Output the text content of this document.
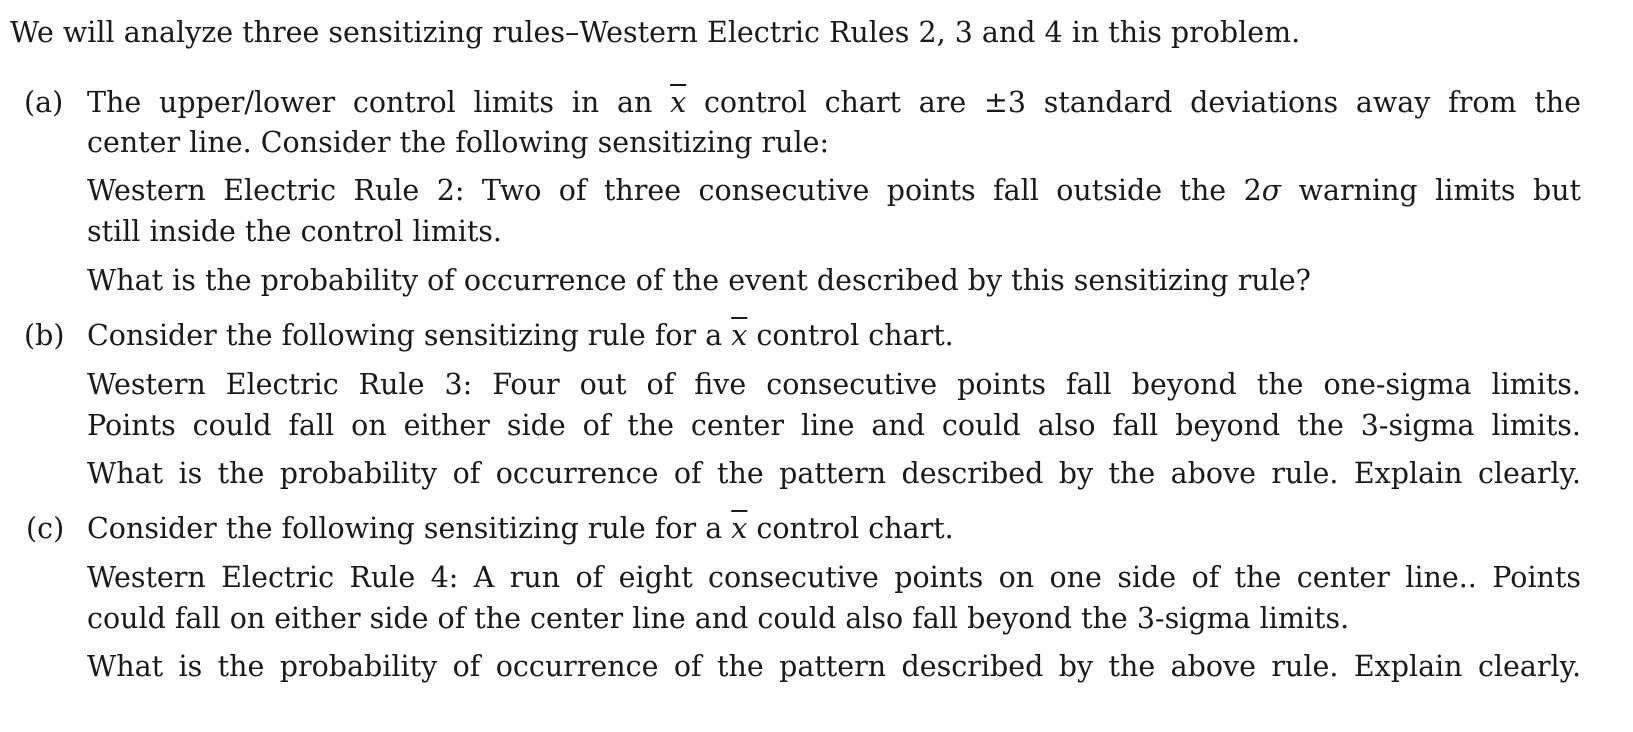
We will analyze three sensitizing rules–Western Electric Rules 2, 3 and 4 in this problem.
(a) The upper/lower control limits in an $\overline{x}$ control chart are ±3 standard deviations away from the
center line. Consider the following sensitizing rule:
Western Electric Rule 2: Two of three consecutive points fall outside the 2σ warning limits but
still inside the control limits.
What is the probability of occurrence of the event described by this sensitizing rule?
(b) Consider the following sensitizing rule for a $\overline{x}$ control chart.
Western Electric Rule 3: Four out of five consecutive points fall beyond the one-sigma limits.
Points could fall on either side of the center line and could also fall beyond the 3-sigma limits.
What is the probability of occurrence of the pattern described by the above rule. Explain clearly.
(c) Consider the following sensitizing rule for a $\overline{x}$ control chart.
Western Electric Rule 4: A run of eight consecutive points on one side of the center line.. Points
could fall on either side of the center line and could also fall beyond the 3-sigma limits.
What is the probability of occurrence of the pattern described by the above rule. Explain clearly.
